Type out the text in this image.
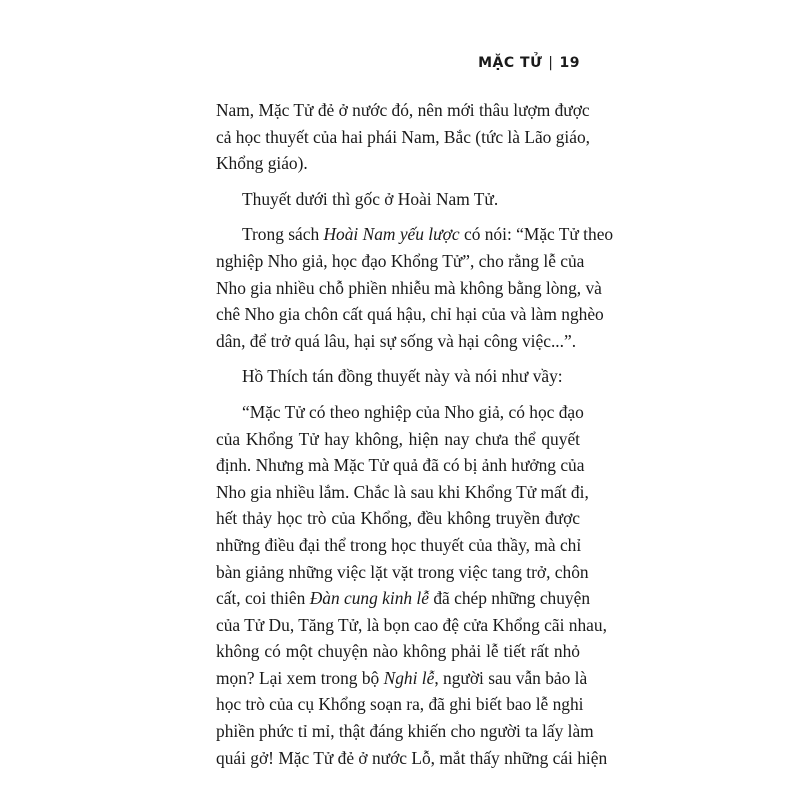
MẶC TỬ | 19
Nam, Mặc Tử đẻ ở nước đó, nên mới thâu lượm được
cả học thuyết của hai phái Nam, Bắc (tức là Lão giáo,
Khổng giáo).
Thuyết dưới thì gốc ở Hoài Nam Tử.
Trong sách Hoài Nam yếu lược có nói: “Mặc Tử theo
nghiệp Nho giả, học đạo Khổng Tử”, cho rằng lễ của
Nho gia nhiều chỗ phiền nhiễu mà không bằng lòng, và
chê Nho gia chôn cất quá hậu, chỉ hại của và làm nghèo
dân, để trở quá lâu, hại sự sống và hại công việc...”.
Hồ Thích tán đồng thuyết này và nói như vầy:
“Mặc Tử có theo nghiệp của Nho giả, có học đạo
của Khổng Tử hay không, hiện nay chưa thể quyết
định. Nhưng mà Mặc Tử quả đã có bị ảnh hưởng của
Nho gia nhiều lắm. Chắc là sau khi Khổng Tử mất đi,
hết thảy học trò của Khổng, đều không truyền được
những điều đại thể trong học thuyết của thầy, mà chỉ
bàn giảng những việc lặt vặt trong việc tang trở, chôn
cất, coi thiên Đàn cung kinh lễ đã chép những chuyện
của Tử Du, Tăng Tử, là bọn cao đệ cửa Khổng cãi nhau,
không có một chuyện nào không phải lễ tiết rất nhỏ
mọn? Lại xem trong bộ Nghi lễ, người sau vẫn bảo là
học trò của cụ Khổng soạn ra, đã ghi biết bao lễ nghi
phiền phức tỉ mỉ, thật đáng khiến cho người ta lấy làm
quái gở! Mặc Tử đẻ ở nước Lỗ, mắt thấy những cái hiện
